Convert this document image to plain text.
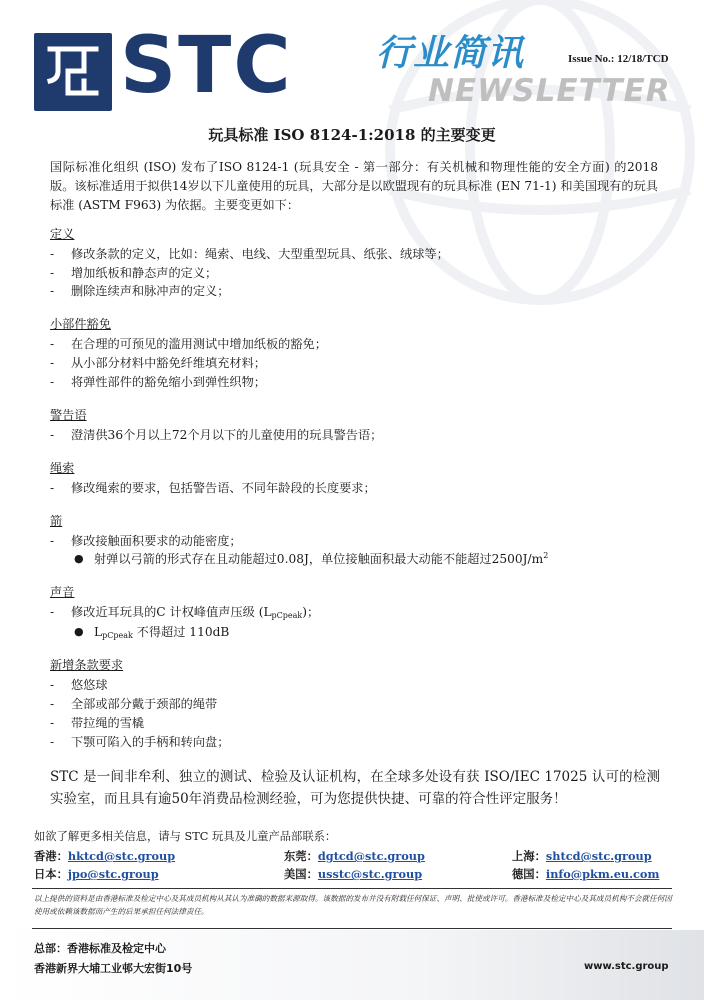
STC 行业简讯
NEWSLETTER
Issue No.: 12/18/TCD
玩具标准 ISO 8124-1:2018 的主要变更

国际标准化组织 (ISO) 发布了ISO 8124-1 (玩具安全 - 第一部分：有关机械和物理性能的安全方面) 的2018版。该标准适用于拟供14岁以下儿童使用的玩具，大部分是以欧盟现有的玩具标准 (EN 71-1) 和美国现有的玩具标准 (ASTM F963) 为依据。主要变更如下：

定义
- 修改条款的定义，比如：绳索、电线、大型重型玩具、纸张、绒球等；
- 增加纸板和静态声的定义；
- 删除连续声和脉冲声的定义；
小部件豁免
- 在合理的可预见的滥用测试中增加纸板的豁免；
- 从小部分材料中豁免纤维填充材料；
- 将弹性部件的豁免缩小到弹性织物；
警告语
- 澄清供36个月以上72个月以下的儿童使用的玩具警告语；
绳索
- 修改绳索的要求，包括警告语、不同年龄段的长度要求；
箭
- 修改接触面积要求的动能密度；
● 射弹以弓箭的形式存在且动能超过0.08J，单位接触面积最大动能不能超过$2500J/m^2$
声音
- 修改近耳玩具的C 计权峰值声压级 $(L_{pCpeak})$；
● $L_{pCpeak}$ 不得超过 110dB
新增条款要求
- 悠悠球
- 全部或部分戴于颈部的绳带
- 带拉绳的雪橇
- 下颚可陷入的手柄和转向盘；

STC 是一间非牟利、独立的测试、检验及认证机构，在全球多处设有获 ISO/IEC 17025 认可的检测实验室，而且具有逾50年消费品检测经验，可为您提供快捷、可靠的符合性评定服务！

如欲了解更多相关信息，请与 STC 玩具及儿童产品部联系：
香港：hktcd@stc.group	东莞：dgtcd@stc.group	上海：shtcd@stc.group
日本：jpo@stc.group	美国：usstc@stc.group	德国：info@pkm.eu.com
以上提供的资料是由香港标准及检定中心及其成员机构从其认为准确的数据来源取得。该数据的发布并没有附载任何保证、声明、批使或许可。香港标准及检定中心及其成员机构不会就任何因使用或依赖该数据而产生的后果承担任何法律责任。
总部：香港标准及检定中心
香港新界大埔工业邨大宏街10号	www.stc.group
